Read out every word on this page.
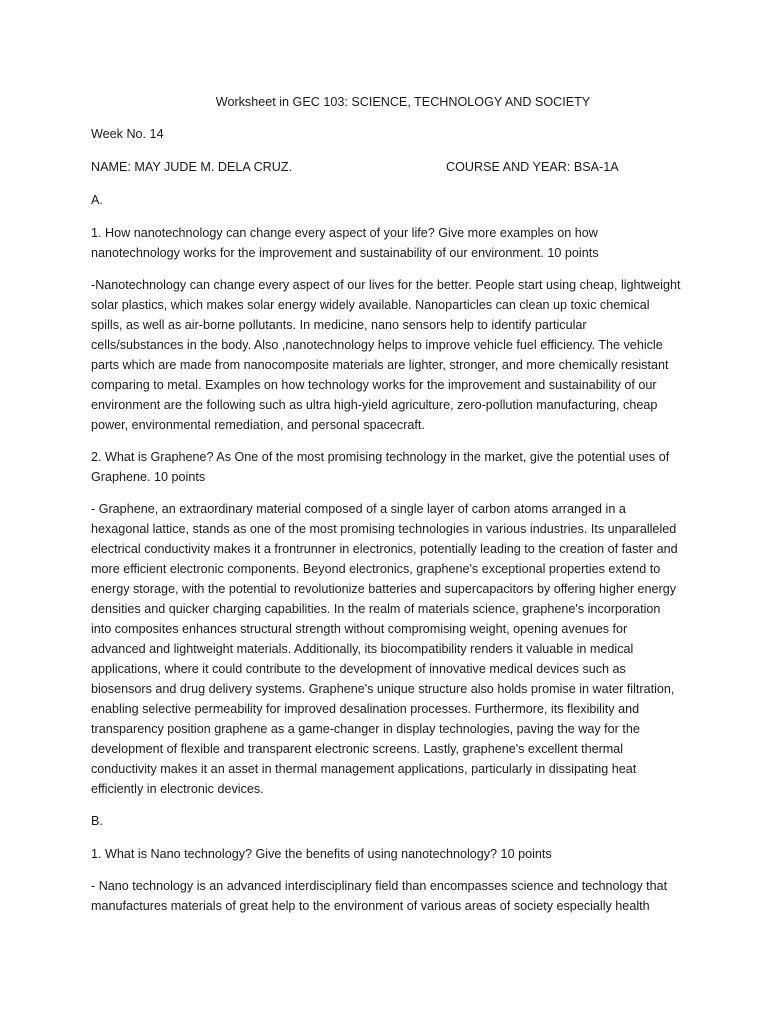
Worksheet in GEC 103: SCIENCE, TECHNOLOGY AND SOCIETY
Week No. 14
NAME: MAY JUDE M. DELA CRUZ.	COURSE AND YEAR: BSA-1A
A.

1. How nanotechnology can change every aspect of your life? Give more examples on how nanotechnology works for the improvement and sustainability of our environment. 10 points

-Nanotechnology can change every aspect of our lives for the better. People start using cheap, lightweight solar plastics, which makes solar energy widely available. Nanoparticles can clean up toxic chemical spills, as well as air-borne pollutants. In medicine, nano sensors help to identify particular cells/substances in the body. Also ,nanotechnology helps to improve vehicle fuel efficiency. The vehicle parts which are made from nanocomposite materials are lighter, stronger, and more chemically resistant comparing to metal. Examples on how technology works for the improvement and sustainability of our environment are the following such as ultra high-yield agriculture, zero-pollution manufacturing, cheap power, environmental remediation, and personal spacecraft.

2. What is Graphene? As One of the most promising technology in the market, give the potential uses of Graphene. 10 points

- Graphene, an extraordinary material composed of a single layer of carbon atoms arranged in a hexagonal lattice, stands as one of the most promising technologies in various industries. Its unparalleled electrical conductivity makes it a frontrunner in electronics, potentially leading to the creation of faster and more efficient electronic components. Beyond electronics, graphene's exceptional properties extend to energy storage, with the potential to revolutionize batteries and supercapacitors by offering higher energy densities and quicker charging capabilities. In the realm of materials science, graphene's incorporation into composites enhances structural strength without compromising weight, opening avenues for advanced and lightweight materials. Additionally, its biocompatibility renders it valuable in medical applications, where it could contribute to the development of innovative medical devices such as biosensors and drug delivery systems. Graphene's unique structure also holds promise in water filtration, enabling selective permeability for improved desalination processes. Furthermore, its flexibility and transparency position graphene as a game-changer in display technologies, paving the way for the development of flexible and transparent electronic screens. Lastly, graphene's excellent thermal conductivity makes it an asset in thermal management applications, particularly in dissipating heat efficiently in electronic devices.

B.

1. What is Nano technology? Give the benefits of using nanotechnology? 10 points

- Nano technology is an advanced interdisciplinary field than encompasses science and technology that manufactures materials of great help to the environment of various areas of society especially health
